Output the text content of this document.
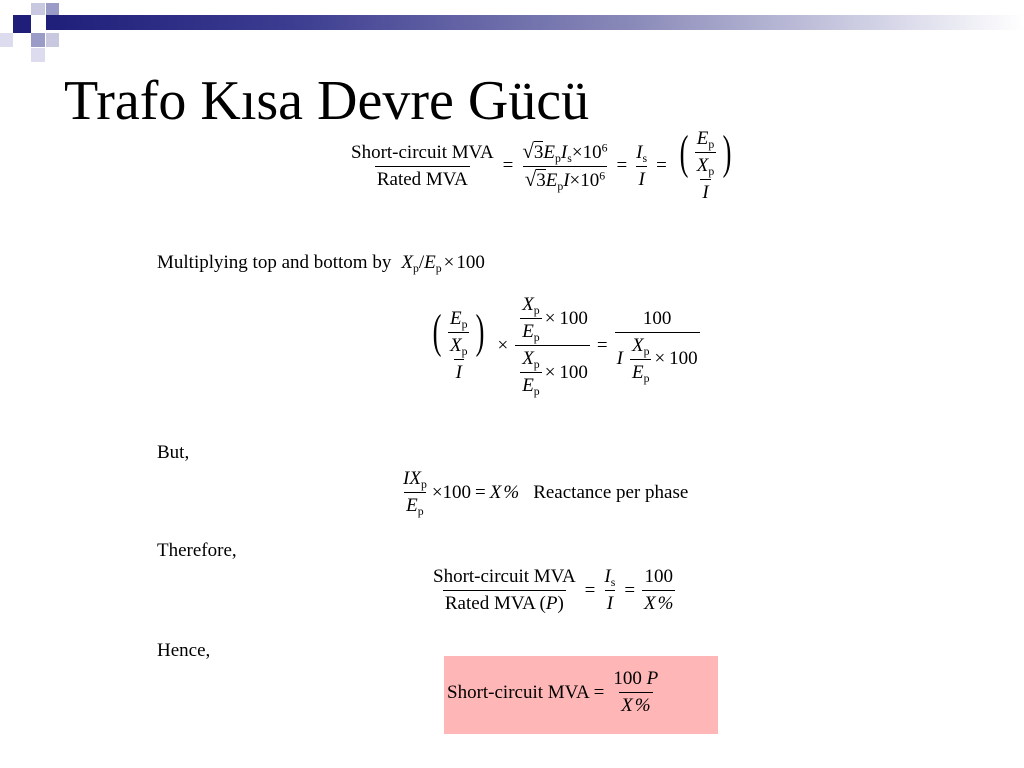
Trafo Kısa Devre Gücü
$\frac{\text{Short-circuit MVA}}{\text{Rated MVA}} = \frac{√ 3 E_pI_s\times 10^6}{√ 3 E_pI\times 10^6} = \frac{I_s}{I} = \frac{( \frac{E_p}{X_p} )}{I}$
Multiplying top and bottom by $X_p/E_p \times 100$
$\frac{( \frac{E_p}{X_p} )}{I} \times \frac{\frac{X_p}{E_p} \times 100}{\frac{X_p}{E_p} \times 100} = \frac{100}{I \frac{X_p}{E_p} \times 100}$
But,
$\frac{IX_p}{E_p} \times 100 = X$ % Reactance per phase
Therefore,
$\frac{\text{Short-circuit MVA}}{\text{Rated MVA (P)}} = \frac{I_s}{I} = \frac{100}{X \%}$
Hence,
Short-circuit MVA = $\frac{100 P}{X \%}$
